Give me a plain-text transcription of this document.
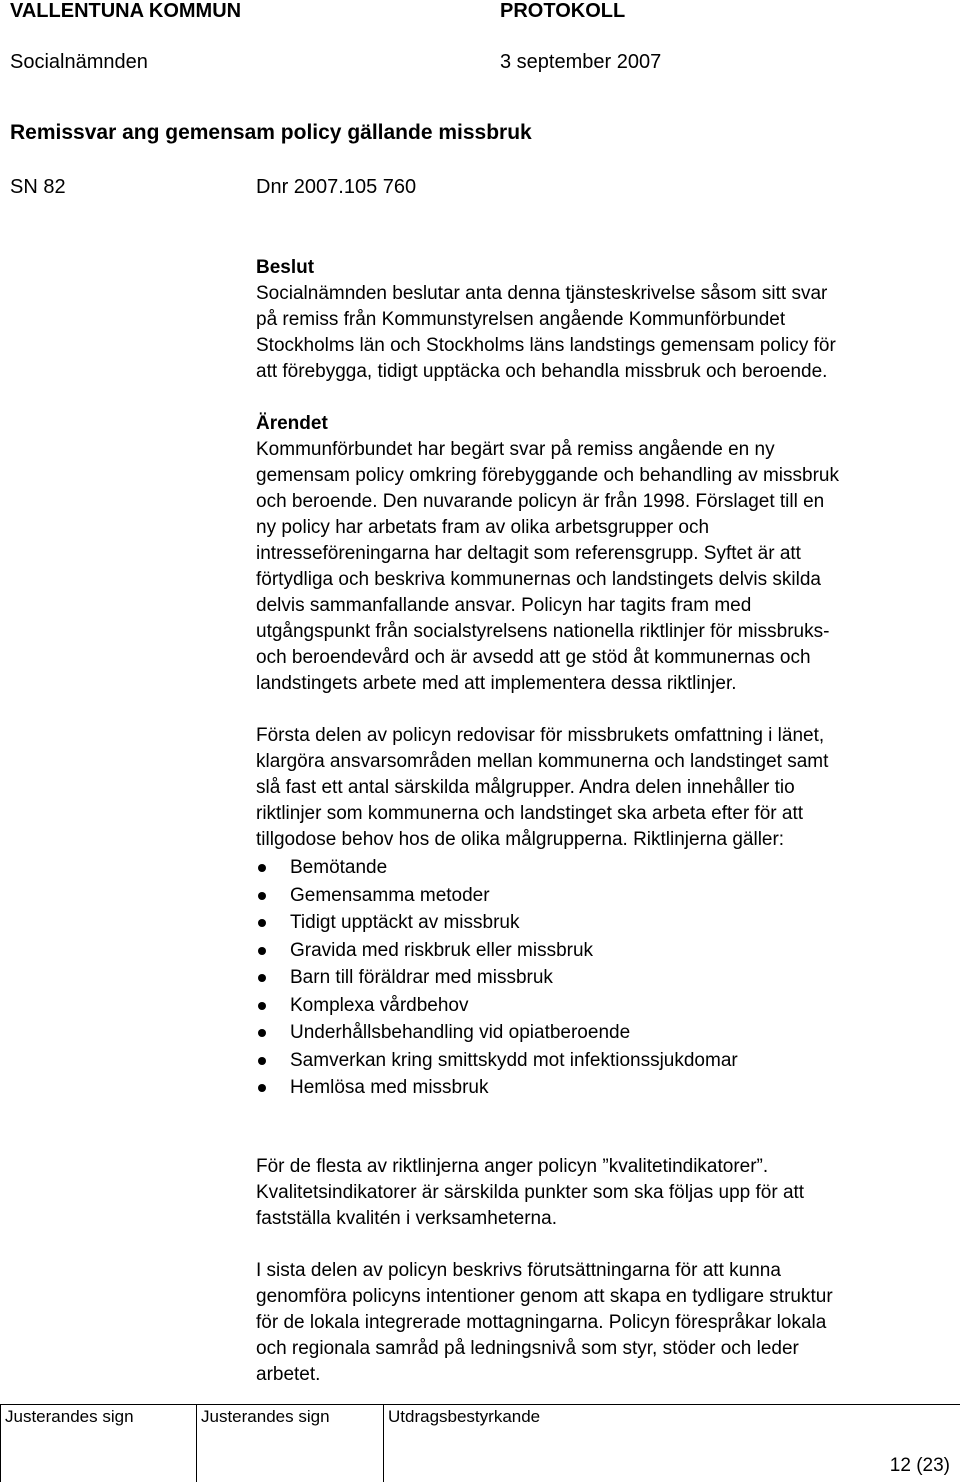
VALLENTUNA KOMMUN	PROTOKOLL
Socialnämnden	3 september 2007
Remissvar ang gemensam policy gällande missbruk
SN 82	Dnr 2007.105 760

Beslut

Socialnämnden beslutar anta denna tjänsteskrivelse såsom sitt svar

på remiss från Kommunstyrelsen angående Kommunförbundet

Stockholms län och Stockholms läns landstings gemensam policy för

att förebygga, tidigt upptäcka och behandla missbruk och beroende.

Ärendet

Kommunförbundet har begärt svar på remiss angående en ny

gemensam policy omkring förebyggande och behandling av missbruk

och beroende. Den nuvarande policyn är från 1998. Förslaget till en

ny policy har arbetats fram av olika arbetsgrupper och

intresseföreningarna har deltagit som referensgrupp. Syftet är att

förtydliga och beskriva kommunernas och landstingets delvis skilda

delvis sammanfallande ansvar. Policyn har tagits fram med

utgångspunkt från socialstyrelsens nationella riktlinjer för missbruks-

och beroendevård och är avsedd att ge stöd åt kommunernas och

landstingets arbete med att implementera dessa riktlinjer.

Första delen av policyn redovisar för missbrukets omfattning i länet,

klargöra ansvarsområden mellan kommunerna och landstinget samt

slå fast ett antal särskilda målgrupper. Andra delen innehåller tio

riktlinjer som kommunerna och landstinget ska arbeta efter för att

tillgodose behov hos de olika målgrupperna. Riktlinjerna gäller:

Bemötande
Gemensamma metoder
Tidigt upptäckt av missbruk
Gravida med riskbruk eller missbruk
Barn till föräldrar med missbruk
Komplexa vårdbehov
Underhållsbehandling vid opiatberoende
Samverkan kring smittskydd mot infektionssjukdomar
Hemlösa med missbruk

För de flesta av riktlinjerna anger policyn ”kvalitetindikatorer”.

Kvalitetsindikatorer är särskilda punkter som ska följas upp för att

fastställa kvalitén i verksamheterna.

I sista delen av policyn beskrivs förutsättningarna för att kunna

genomföra policyns intentioner genom att skapa en tydligare struktur

för de lokala integrerade mottagningarna. Policyn förespråkar lokala

och regionala samråd på ledningsnivå som styr, stöder och leder

arbetet.

Justerandes sign	Justerandes sign	Utdragsbestyrkande
12 (23)
